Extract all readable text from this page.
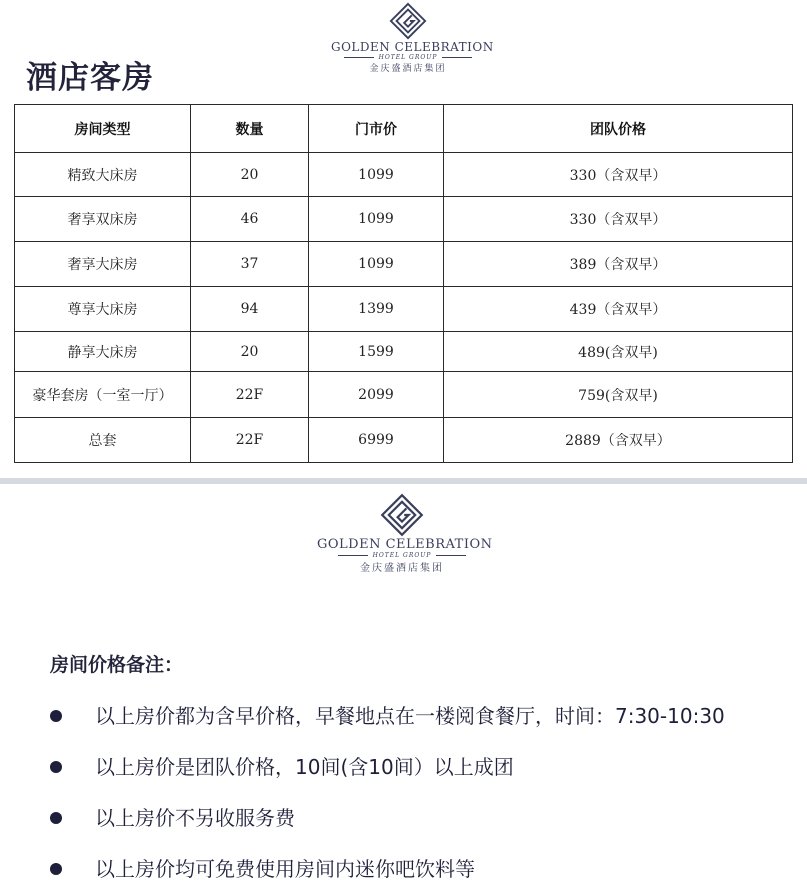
酒店客房
GOLDEN CELEBRATION
HOTEL GROUP
金庆盛酒店集团
房间类型	数量	门市价	团队价格
精致大床房	20	1099	330（含双早）
奢享双床房	46	1099	330（含双早）
奢享大床房	37	1099	389（含双早）
尊享大床房	94	1399	439（含双早）
静享大床房	20	1599	489(含双早)
豪华套房（一室一厅）	22F	2099	759(含双早)
总套	22F	6999	2889（含双早）
GOLDEN CELEBRATION
HOTEL GROUP
金庆盛酒店集团
房间价格备注：
以上房价都为含早价格，早餐地点在一楼阅食餐厅，时间：7:30-10:30
以上房价是团队价格，10间(含10间）以上成团
以上房价不另收服务费
以上房价均可免费使用房间内迷你吧饮料等
